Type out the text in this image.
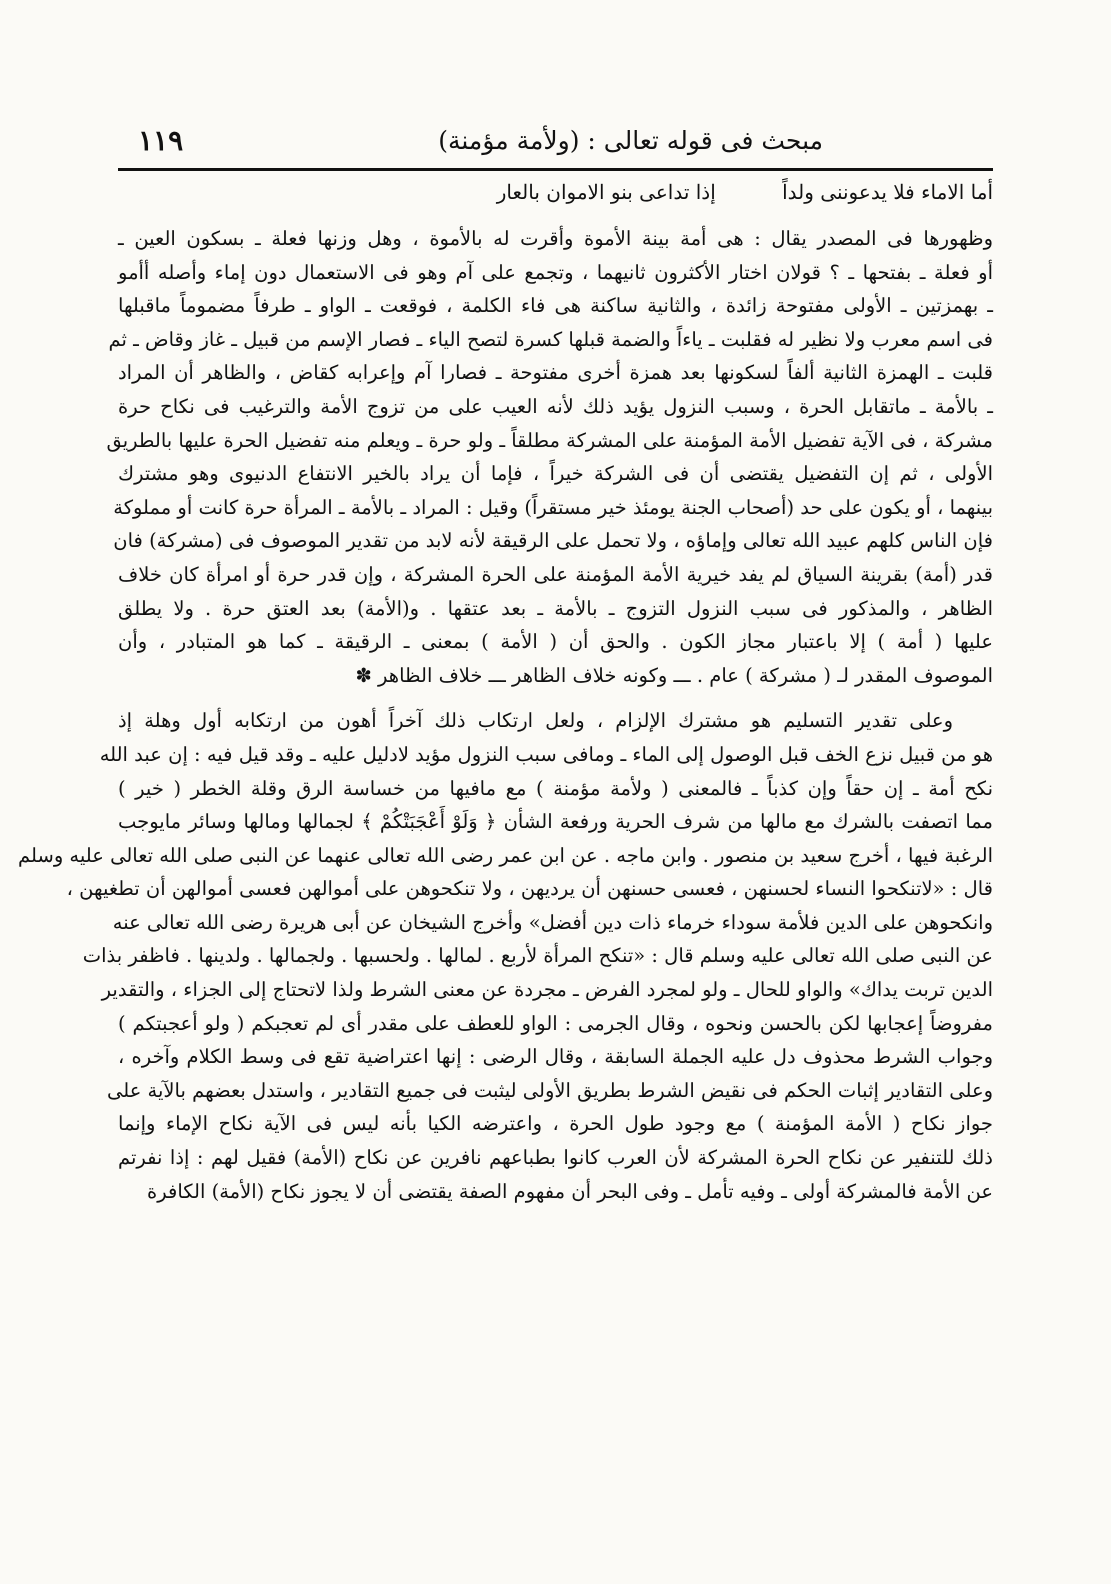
مبحث فى قوله تعالى : (ولأمة مؤمنة)
١١٩
أما الاماء فلا يدعوننى ولداً إذا تداعى بنو الاموان بالعار
وظهورها فى المصدر يقال : هى أمة بينة الأموة وأقرت له بالأموة ، وهل وزنها فعلة ـ بسكون العين ـ
أو فعلة ـ بفتحها ـ ؟ قولان اختار الأكثرون ثانيهما ، وتجمع على آم وهو فى الاستعمال دون إماء وأصله أأمو
ـ بهمزتين ـ الأولى مفتوحة زائدة ، والثانية ساكنة هى فاء الكلمة ، فوقعت ـ الواو ـ طرفاً مضموماً ماقبلها
فى اسم معرب ولا نظير له فقلبت ـ ياءاً والضمة قبلها كسرة لتصح الياء ـ فصار الإسم من قبيل ـ غاز وقاض ـ ثم
قلبت ـ الهمزة الثانية ألفاً لسكونها بعد همزة أخرى مفتوحة ـ فصارا آم وإعرابه كقاض ، والظاهر أن المراد
ـ بالأمة ـ ماتقابل الحرة ، وسبب النزول يؤيد ذلك لأنه العيب على من تزوج الأمة والترغيب فى نكاح حرة
مشركة ، فى الآية تفضيل الأمة المؤمنة على المشركة مطلقاً ـ ولو حرة ـ ويعلم منه تفضيل الحرة عليها بالطريق
الأولى ، ثم إن التفضيل يقتضى أن فى الشركة خيراً ، فإما أن يراد بالخير الانتفاع الدنيوى وهو مشترك
بينهما ، أو يكون على حد (أصحاب الجنة يومئذ خير مستقراً) وقيل : المراد ـ بالأمة ـ المرأة حرة كانت أو مملوكة
فإن الناس كلهم عبيد الله تعالى وإماؤه ، ولا تحمل على الرقيقة لأنه لابد من تقدير الموصوف فى (مشركة) فان
قدر (أمة) بقرينة السياق لم يفد خيرية الأمة المؤمنة على الحرة المشركة ، وإن قدر حرة أو امرأة كان خلاف
الظاهر ، والمذكور فى سبب النزول التزوج ـ بالأمة ـ بعد عتقها . و(الأمة) بعد العتق حرة . ولا يطلق
عليها ( أمة ) إلا باعتبار مجاز الكون . والحق أن ( الأمة ) بمعنى ـ الرقيقة ـ كما هو المتبادر ، وأن
الموصوف المقدر لـ ( مشركة ) عام . ـــ وكونه خلاف الظاهر ـــ خلاف الظاهر ✽
وعلى تقدير التسليم هو مشترك الإلزام ، ولعل ارتكاب ذلك آخراً أهون من ارتكابه أول وهلة إذ
هو من قبيل نزع الخف قبل الوصول إلى الماء ـ ومافى سبب النزول مؤيد لادليل عليه ـ وقد قيل فيه : إن عبد الله
نكح أمة ـ إن حقاً وإن كذباً ـ فالمعنى ( ولأمة مؤمنة ) مع مافيها من خساسة الرق وقلة الخطر ( خير )
مما اتصفت بالشرك مع مالها من شرف الحرية ورفعة الشأن ﴿ وَلَوْ أَعْجَبَتْكُمْ ﴾ لجمالها ومالها وسائر مايوجب
الرغبة فيها ، أخرج سعيد بن منصور . وابن ماجه . عن ابن عمر رضى الله تعالى عنهما عن النبى صلى الله تعالى عليه وسلم
قال : «لاتنكحوا النساء لحسنهن ، فعسى حسنهن أن يرديهن ، ولا تنكحوهن على أموالهن فعسى أموالهن أن تطغيهن ،
وانكحوهن على الدين فلأمة سوداء خرماء ذات دين أفضل» وأخرج الشيخان عن أبى هريرة رضى الله تعالى عنه
عن النبى صلى الله تعالى عليه وسلم قال : «تنكح المرأة لأربع . لمالها . ولحسبها . ولجمالها . ولدينها . فاظفر بذات
الدين تربت يداك» والواو للحال ـ ولو لمجرد الفرض ـ مجردة عن معنى الشرط ولذا لاتحتاج إلى الجزاء ، والتقدير
مفروضاً إعجابها لكن بالحسن ونحوه ، وقال الجرمى : الواو للعطف على مقدر أى لم تعجبكم ( ولو أعجبتكم )
وجواب الشرط محذوف دل عليه الجملة السابقة ، وقال الرضى : إنها اعتراضية تقع فى وسط الكلام وآخره ،
وعلى التقادير إثبات الحكم فى نقيض الشرط بطريق الأولى ليثبت فى جميع التقادير ، واستدل بعضهم بالآية على
جواز نكاح ( الأمة المؤمنة ) مع وجود طول الحرة ، واعترضه الكيا بأنه ليس فى الآية نكاح الإماء وإنما
ذلك للتنفير عن نكاح الحرة المشركة لأن العرب كانوا بطباعهم نافرين عن نكاح (الأمة) فقيل لهم : إذا نفرتم
عن الأمة فالمشركة أولى ـ وفيه تأمل ـ وفى البحر أن مفهوم الصفة يقتضى أن لا يجوز نكاح (الأمة) الكافرة
